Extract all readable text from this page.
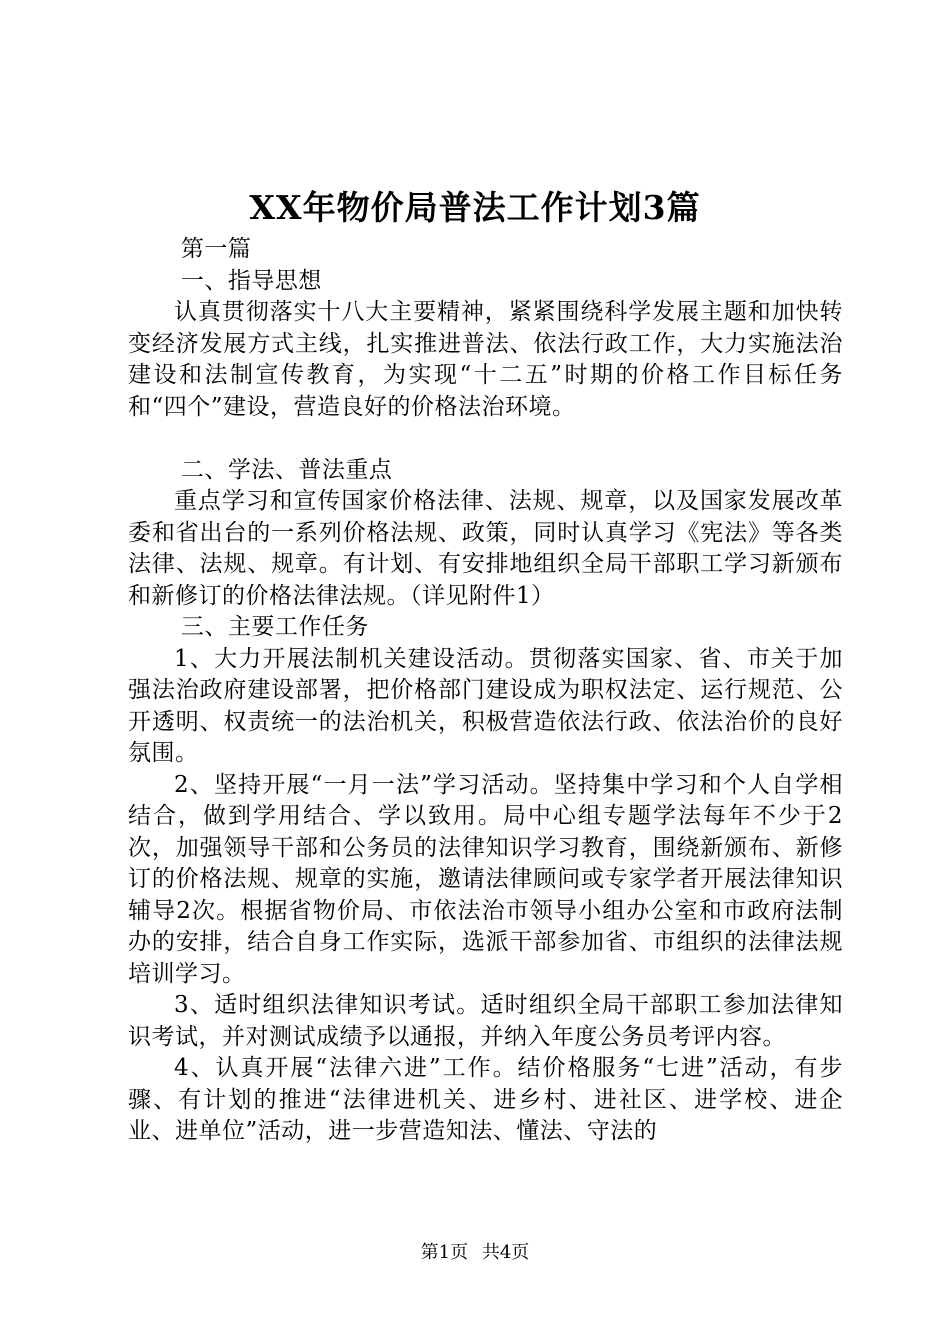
XX年物价局普法工作计划3篇

第一篇

一、指导思想

认真贯彻落实十八大主要精神，紧紧围绕科学发展主题和加快转变经济发展方式主线，扎实推进普法、依法行政工作，大力实施法治建设和法制宣传教育，为实现“十二五”时期的价格工作目标任务和“四个”建设，营造良好的价格法治环境。

二、学法、普法重点

重点学习和宣传国家价格法律、法规、规章，以及国家发展改革委和省出台的一系列价格法规、政策，同时认真学习《宪法》等各类法律、法规、规章。有计划、有安排地组织全局干部职工学习新颁布和新修订的价格法律法规。（详见附件1）

三、主要工作任务

1、大力开展法制机关建设活动。贯彻落实国家、省、市关于加强法治政府建设部署，把价格部门建设成为职权法定、运行规范、公开透明、权责统一的法治机关，积极营造依法行政、依法治价的良好氛围。

2、坚持开展“一月一法”学习活动。坚持集中学习和个人自学相结合，做到学用结合、学以致用。局中心组专题学法每年不少于2次，加强领导干部和公务员的法律知识学习教育，围绕新颁布、新修订的价格法规、规章的实施，邀请法律顾问或专家学者开展法律知识辅导2次。根据省物价局、市依法治市领导小组办公室和市政府法制办的安排，结合自身工作实际，选派干部参加省、市组织的法律法规培训学习。

3、适时组织法律知识考试。适时组织全局干部职工参加法律知识考试，并对测试成绩予以通报，并纳入年度公务员考评内容。

4、认真开展“法律六进”工作。结价格服务“七进”活动，有步骤、有计划的推进“法律进机关、进乡村、进社区、进学校、进企业、进单位”活动，进一步营造知法、懂法、守法的

第1页 共4页
